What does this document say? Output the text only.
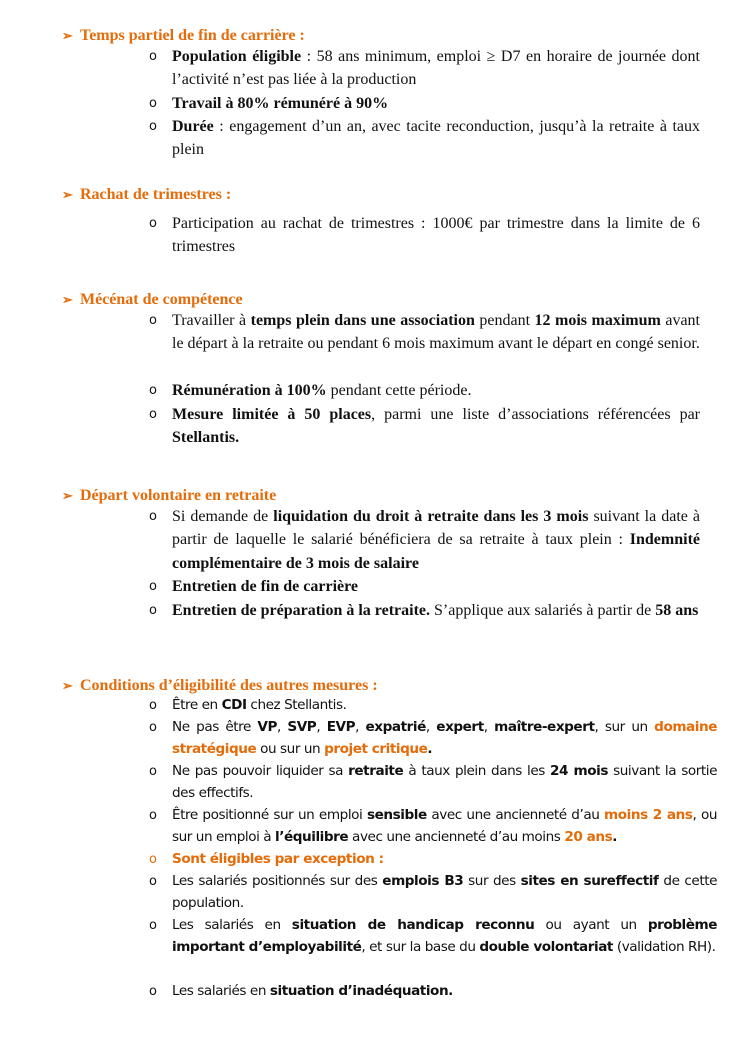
➢ Temps partiel de fin de carrière :
o Population éligible : 58 ans minimum, emploi ≥ D7 en horaire de journée dont l’activité n’est pas liée à la production
o Travail à 80% rémunéré à 90%
o Durée : engagement d’un an, avec tacite reconduction, jusqu’à la retraite à taux plein
➢ Rachat de trimestres :
o Participation au rachat de trimestres : 1000€ par trimestre dans la limite de 6 trimestres
➢ Mécénat de compétence
o Travailler à temps plein dans une association pendant 12 mois maximum avant le départ à la retraite ou pendant 6 mois maximum avant le départ en congé senior.
o Rémunération à 100% pendant cette période.
o Mesure limitée à 50 places, parmi une liste d’associations référencées par Stellantis.
➢ Départ volontaire en retraite
o Si demande de liquidation du droit à retraite dans les 3 mois suivant la date à partir de laquelle le salarié bénéficiera de sa retraite à taux plein : Indemnité complémentaire de 3 mois de salaire
o Entretien de fin de carrière
o Entretien de préparation à la retraite. S’applique aux salariés à partir de 58 ans
➢ Conditions d’éligibilité des autres mesures :
o Être en CDI chez Stellantis.
o Ne pas être VP, SVP, EVP, expatrié, expert, maître-expert, sur un domaine stratégique ou sur un projet critique.
o Ne pas pouvoir liquider sa retraite à taux plein dans les 24 mois suivant la sortie des effectifs.
o Être positionné sur un emploi sensible avec une ancienneté d’au moins 2 ans, ou sur un emploi à l’équilibre avec une ancienneté d’au moins 20 ans.
o Sont éligibles par exception :
o Les salariés positionnés sur des emplois B3 sur des sites en sureffectif de cette population.
o Les salariés en situation de handicap reconnu ou ayant un problème important d’employabilité, et sur la base du double volontariat (validation RH).
o Les salariés en situation d’inadéquation.
